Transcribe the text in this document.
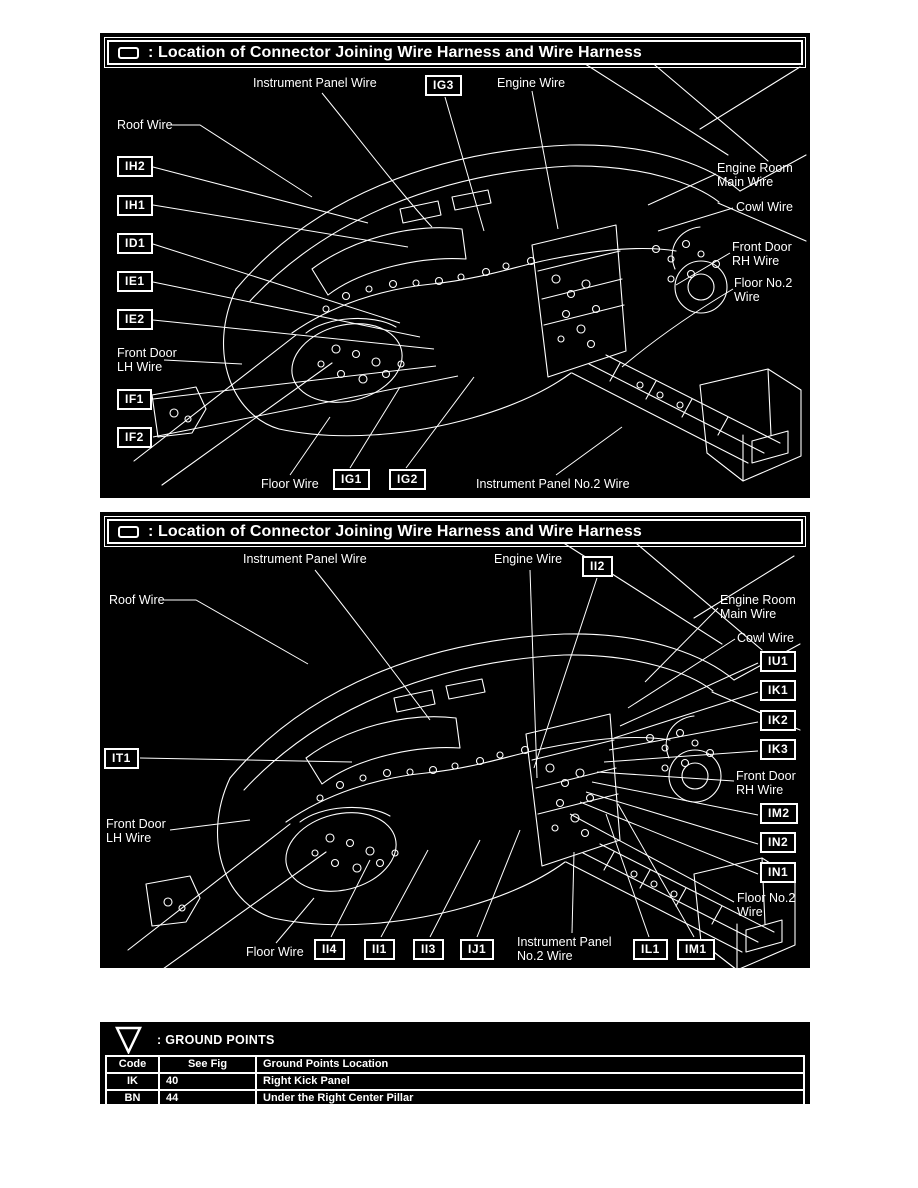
: Location of Connector Joining Wire Harness and Wire Harness
Instrument Panel Wire	IG3	Engine Wire
Roof Wire
IH2
IH1
ID1
IE1
IE2
Front Door
LH Wire
IF1
IF2
Engine Room
Main Wire
Cowl Wire
Front Door
RH Wire
Floor No.2
Wire
Floor Wire	IG1	IG2	Instrument Panel No.2 Wire
: Location of Connector Joining Wire Harness and Wire Harness
Instrument Panel Wire	Engine Wire	II2
Roof Wire
IT1
Front Door
LH Wire
Engine Room
Main Wire
Cowl Wire
IU1
IK1
IK2
IK3
Front Door
RH Wire
IM2
IN2
IN1
Floor No.2
Wire
Floor Wire	II4	II1	II3	IJ1	Instrument Panel
No.2 Wire	IL1	IM1
: GROUND POINTS
Code	See Fig	Ground Points Location
IK	40	Right Kick Panel
BN	44	Under the Right Center Pillar
